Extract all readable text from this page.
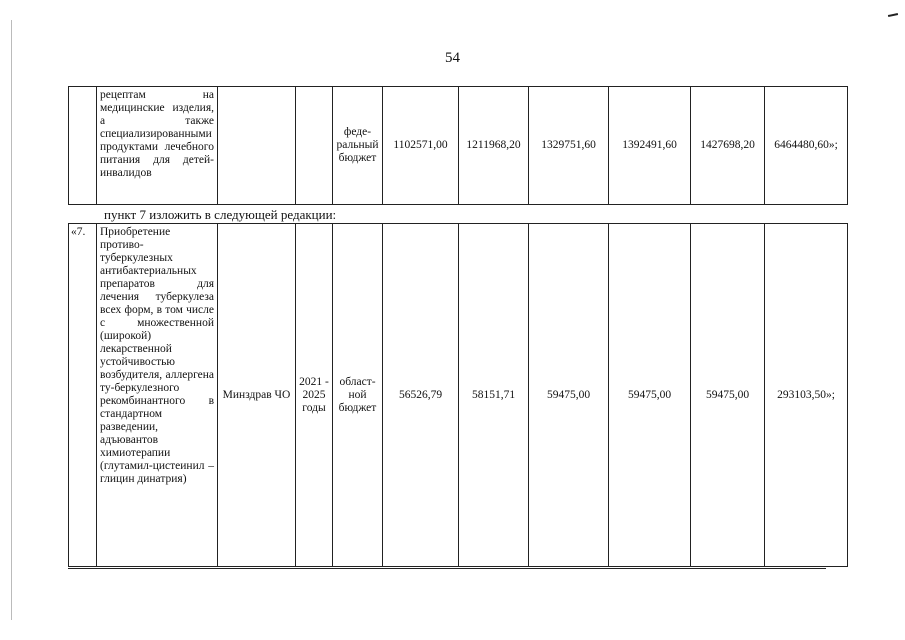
54
	рецептам на медицинские изделия, а также специализированными продуктами лечебного питания для детей-инвалидов			феде-ральный бюджет	1102571,00	1211968,20	1329751,60	1392491,60	1427698,20	6464480,60»;
пункт 7 изложить в следующей редакции:
«7.	Приобретение противо-туберкулезных антибактериальных препаратов для лечения туберкулеза всех форм, в том числе с множественной (широкой) лекарственной устойчивостью возбудителя, аллергена ту-беркулезного рекомбинантного в стандартном разведении, адъювантов химиотерапии (глутамил-цистеинил – глицин динатрия)	Минздрав ЧО	2021 - 2025 годы	област-ной бюджет	56526,79	58151,71	59475,00	59475,00	59475,00	293103,50»;
